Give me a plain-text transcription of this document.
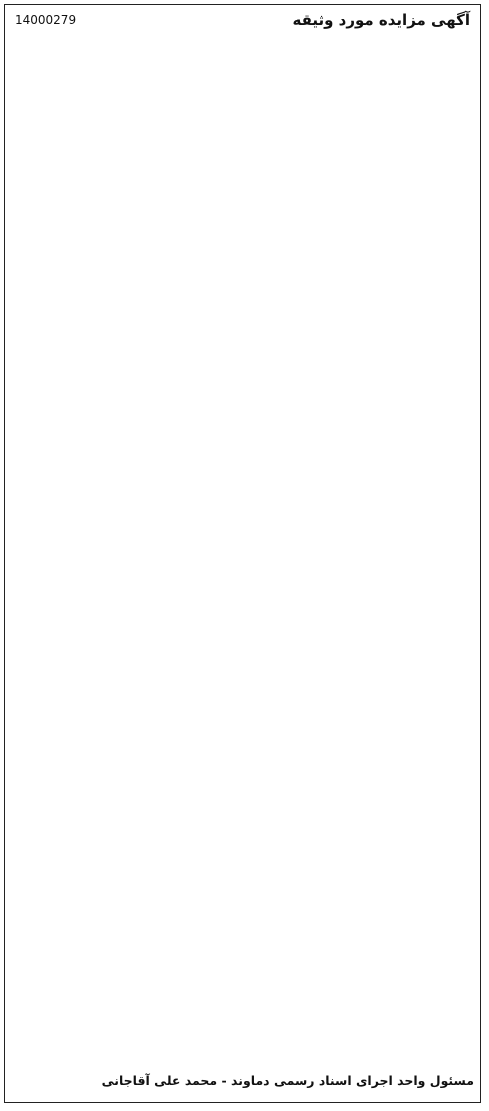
آگهی مزایده مورد وثیقه
14000279
مسئول واحد اجرای اسناد رسمی دماوند - محمد علی آقاجانی
